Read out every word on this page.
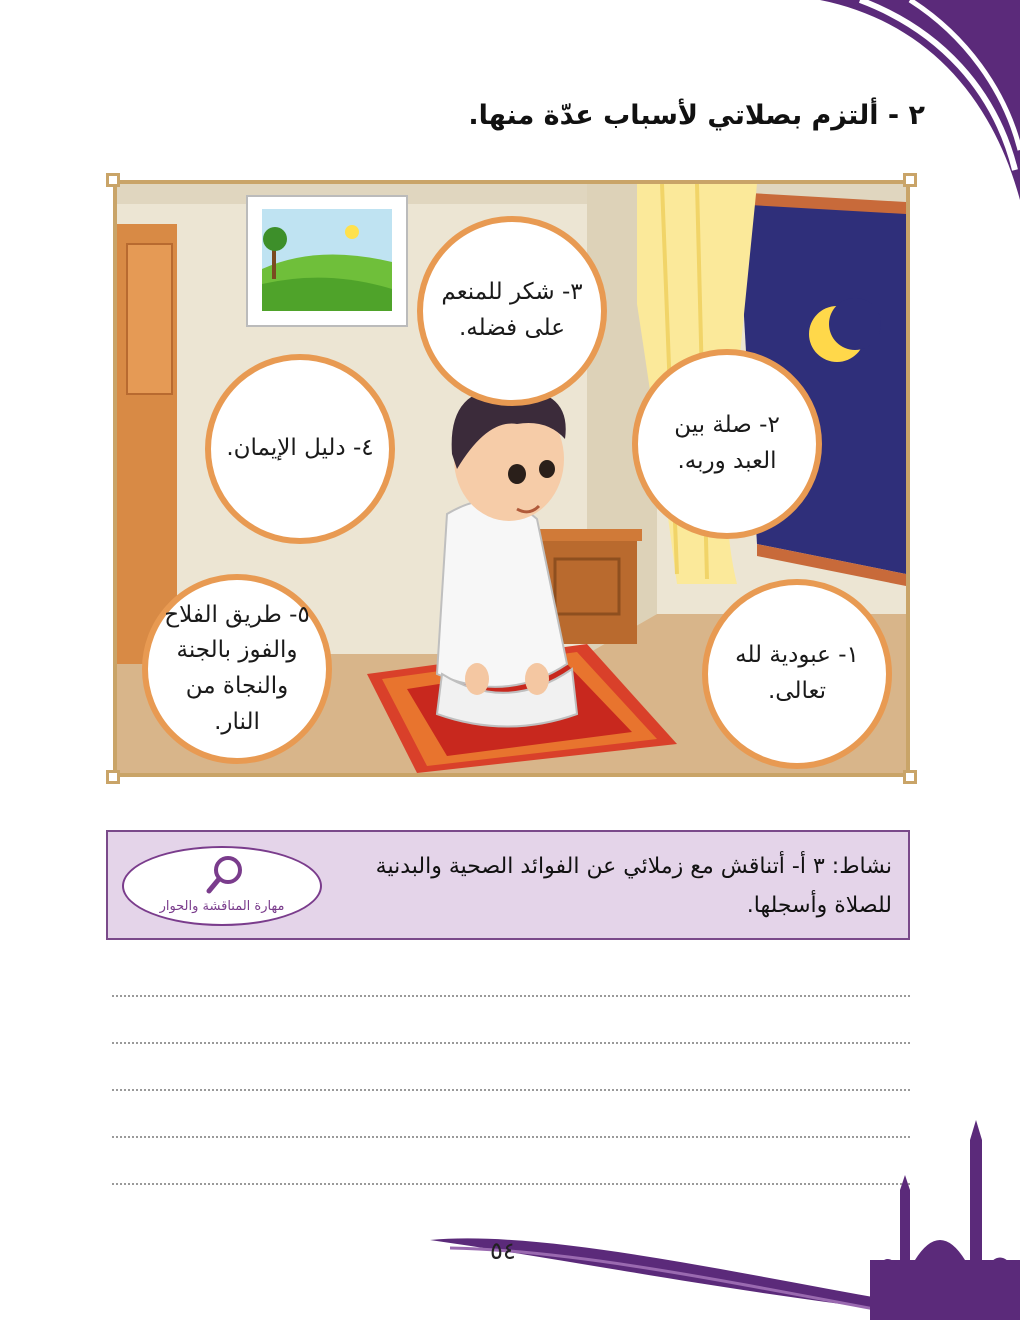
٢ - ألتزم بصلاتي لأسباب عدّة منها.
٣- شكر للمنعم على فضله.
٤- دليل الإيمان.
٢- صلة بين العبد وربه.
٥- طريق الفلاح والفوز بالجنة والنجاة من النار.
١- عبودية لله تعالى.
نشاط: ٣ أ- أتناقش مع زملائي عن الفوائد الصحية والبدنية للصلاة وأسجلها.
مهارة المناقشة والحوار
٥٤
